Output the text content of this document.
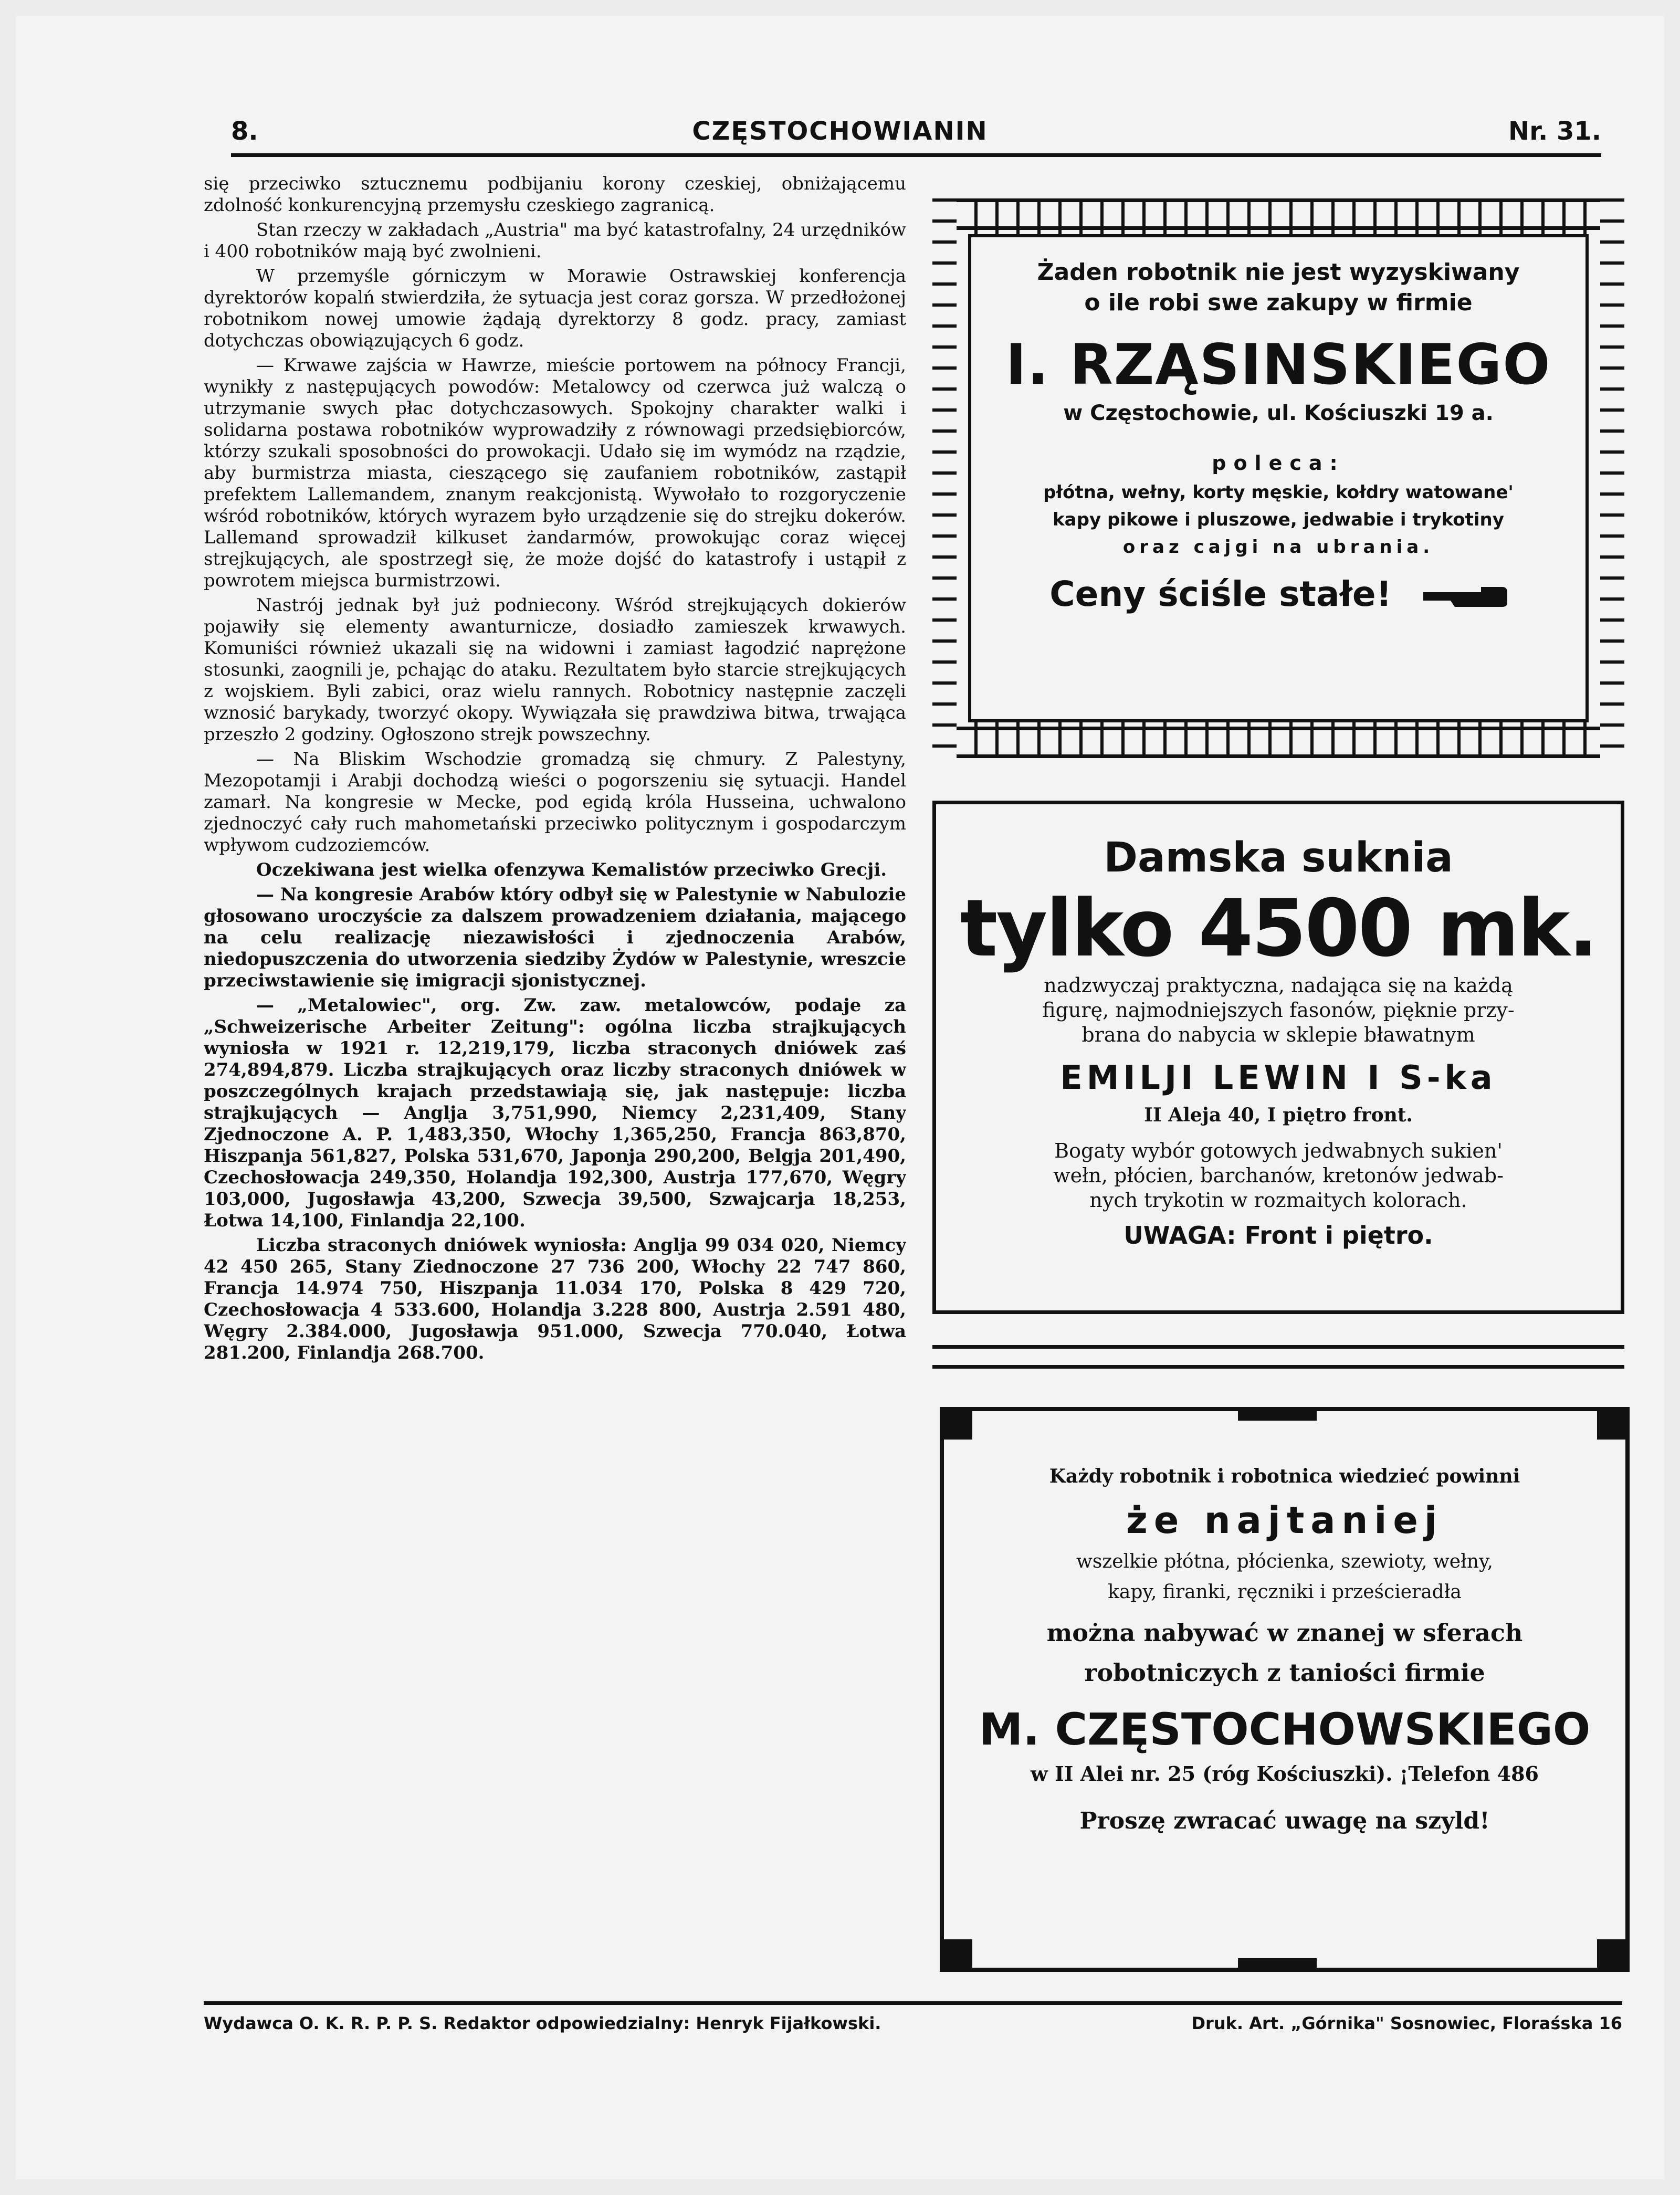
8.	CZĘSTOCHOWIANIN	Nr. 31.

się przeciwko sztucznemu podbijaniu korony czeskiej, obniżającemu zdolność konkurencyjną przemysłu czeskiego zagranicą.

Stan rzeczy w zakładach „Austria" ma być katastrofalny, 24 urzędników i 400 robotników mają być zwolnieni.

W przemyśle górniczym w Morawie Ostrawskiej konferencja dyrektorów kopalń stwierdziła, że sytuacja jest coraz gorsza. W przedłożonej robotnikom nowej umowie żądają dyrektorzy 8 godz. pracy, zamiast dotychczas obowiązujących 6 godz.

— Krwawe zajścia w Hawrze, mieście portowem na północy Francji, wynikły z następujących powodów: Metalowcy od czerwca już walczą o utrzymanie swych płac dotychczasowych. Spokojny charakter walki i solidarna postawa robotników wyprowadziły z równowagi przedsiębiorców, którzy szukali sposobności do prowokacji. Udało się im wymódz na rządzie, aby burmistrza miasta, cieszącego się zaufaniem robotników, zastąpił prefektem Lallemandem, znanym reakcjonistą. Wywołało to rozgoryczenie wśród robotników, których wyrazem było urządzenie się do strejku dokerów. Lallemand sprowadził kilkuset żandarmów, prowokując coraz więcej strejkujących, ale spostrzegł się, że może dojść do katastrofy i ustąpił z powrotem miejsca burmistrzowi.

Nastrój jednak był już podniecony. Wśród strejkujących dokierów pojawiły się elementy awanturnicze, dosiadło zamieszek krwawych. Komuniści również ukazali się na widowni i zamiast łagodzić naprężone stosunki, zaognili je, pchając do ataku. Rezultatem było starcie strejkujących z wojskiem. Byli zabici, oraz wielu rannych. Robotnicy następnie zaczęli wznosić barykady, tworzyć okopy. Wywiązała się prawdziwa bitwa, trwająca przeszło 2 godziny. Ogłoszono strejk powszechny.

— Na Bliskim Wschodzie gromadzą się chmury. Z Palestyny, Mezopotamji i Arabji dochodzą wieści o pogorszeniu się sytuacji. Handel zamarł. Na kongresie w Mecke, pod egidą króla Husseina, uchwalono zjednoczyć cały ruch mahometański przeciwko politycznym i gospodarczym wpływom cudzoziemców.

Oczekiwana jest wielka ofenzywa Kemalistów przeciwko Grecji.

— Na kongresie Arabów który odbył się w Palestynie w Nabulozie głosowano uroczyście za dalszem prowadzeniem działania, mającego na celu realizację niezawisłości i zjednoczenia Arabów, niedopuszczenia do utworzenia siedziby Żydów w Palestynie, wreszcie przeciwstawienie się imigracji sjonistycznej.

— „Metalowiec", org. Zw. zaw. metalowców, podaje za „Schweizerische Arbeiter Zeitung": ogólna liczba strajkujących wyniosła w 1921 r. 12,219,179, liczba straconych dniówek zaś 274,894,879. Liczba strajkujących oraz liczby straconych dniówek w poszczególnych krajach przedstawiają się, jak następuje: liczba strajkujących — Anglja 3,751,990, Niemcy 2,231,409, Stany Zjednoczone A. P. 1,483,350, Włochy 1,365,250, Francja 863,870, Hiszpanja 561,827, Polska 531,670, Japonja 290,200, Belgja 201,490, Czechosłowacja 249,350, Holandja 192,300, Austrja 177,670, Węgry 103,000, Jugosławja 43,200, Szwecja 39,500, Szwajcarja 18,253, Łotwa 14,100, Finlandja 22,100.

Liczba straconych dniówek wyniosła: Anglja 99 034 020, Niemcy 42 450 265, Stany Ziednoczone 27 736 200, Włochy 22 747 860, Francja 14.974 750, Hiszpanja 11.034 170, Polska 8 429 720, Czechosłowacja 4 533.600, Holandja 3.228 800, Austrja 2.591 480, Węgry 2.384.000, Jugosławja 951.000, Szwecja 770.040, Łotwa 281.200, Finlandja 268.700.

Żaden robotnik nie jest wyzyskiwany
o ile robi swe zakupy w firmie
I. RZĄSINSKIEGO
w Częstochowie, ul. Kościuszki 19 a.
poleca:
płótna, wełny, korty męskie, kołdry watowane'
kapy pikowe i pluszowe, jedwabie i trykotiny
oraz cajgi na ubrania.
Ceny ściśle stałe!
Damska suknia
tylko 4500 mk.
nadzwyczaj praktyczna, nadająca się na każdą
figurę, najmodniejszych fasonów, pięknie przy-
brana do nabycia w sklepie bławatnym
EMILJI LEWIN I S-ka
II Aleja 40, I piętro front.
Bogaty wybór gotowych jedwabnych sukien'
wełn, płócien, barchanów, kretonów jedwab-
nych trykotin w rozmaitych kolorach.
UWAGA: Front i piętro.
Każdy robotnik i robotnica wiedzieć powinni
że najtaniej
wszelkie płótna, płócienka, szewioty, wełny,
kapy, firanki, ręczniki i prześcieradła
można nabywać w znanej w sferach
robotniczych z taniości firmie
M. CZĘSTOCHOWSKIEGO
w II Alei nr. 25 (róg Kościuszki). ¡Telefon 486
Proszę zwracać uwagę na szyld!
Wydawca O. K. R. P. P. S. Redaktor odpowiedzialny: Henryk Fijałkowski.	Druk. Art. „Górnika" Sosnowiec, Floraśska 16
